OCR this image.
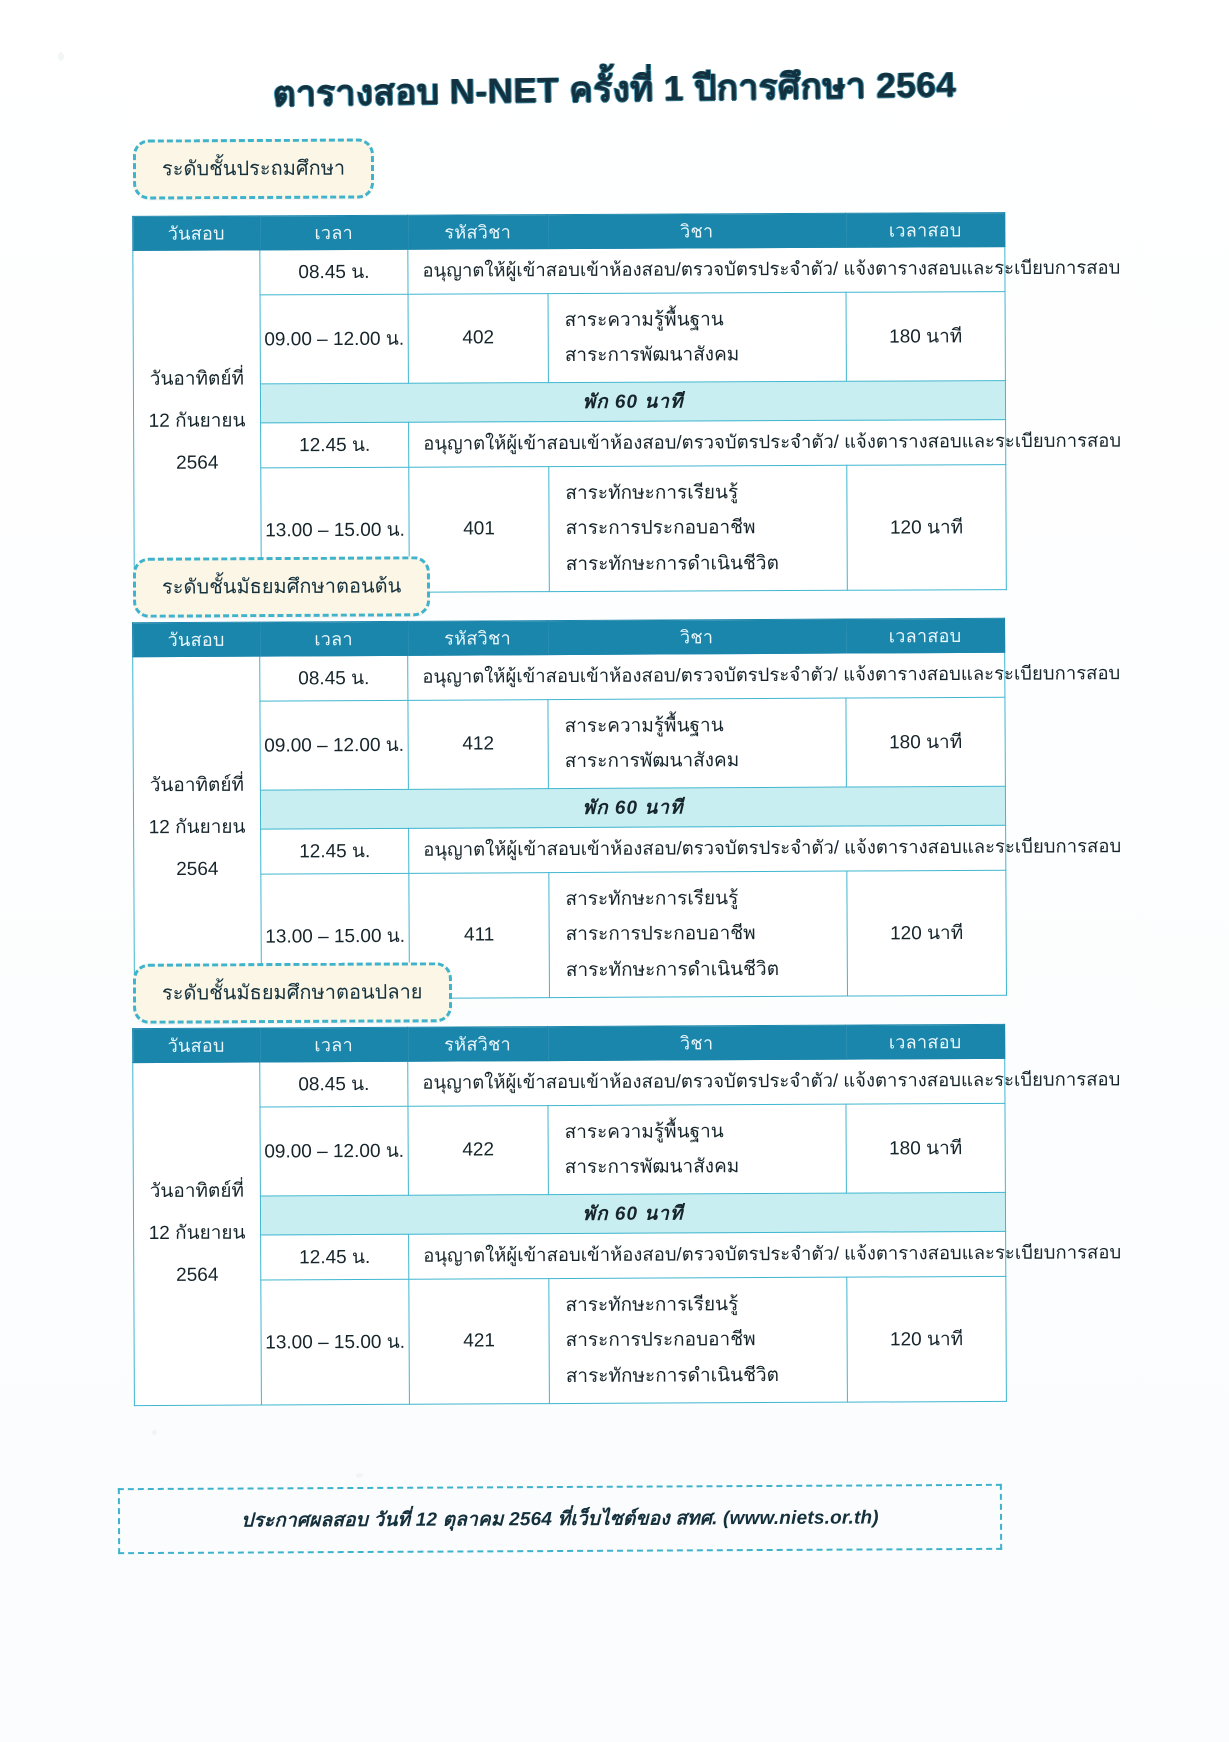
ตารางสอบ N-NET ครั้งที่ 1 ปีการศึกษา 2564
ระดับชั้นประถมศึกษา
วันสอบ	เวลา	รหัสวิชา	วิชา	เวลาสอบ

วันอาทิตย์ที่
12 กันยายน
2564	08.45 น.	อนุญาตให้ผู้เข้าสอบเข้าห้องสอบ/ตรวจบัตรประจำตัว/ แจ้งตารางสอบและระเบียบการสอบ		
	09.00 – 12.00 น.	402	สาระความรู้พื้นฐาน
สาระการพัฒนาสังคม	180 นาที
	พัก 60 นาที			
	12.45 น.	อนุญาตให้ผู้เข้าสอบเข้าห้องสอบ/ตรวจบัตรประจำตัว/ แจ้งตารางสอบและระเบียบการสอบ		
	13.00 – 15.00 น.	401	สาระทักษะการเรียนรู้
สาระการประกอบอาชีพ
สาระทักษะการดำเนินชีวิต	120 นาที
ระดับชั้นมัธยมศึกษาตอนต้น
วันสอบ	เวลา	รหัสวิชา	วิชา	เวลาสอบ

วันอาทิตย์ที่
12 กันยายน
2564	08.45 น.	อนุญาตให้ผู้เข้าสอบเข้าห้องสอบ/ตรวจบัตรประจำตัว/ แจ้งตารางสอบและระเบียบการสอบ		
	09.00 – 12.00 น.	412	สาระความรู้พื้นฐาน
สาระการพัฒนาสังคม	180 นาที
	พัก 60 นาที			
	12.45 น.	อนุญาตให้ผู้เข้าสอบเข้าห้องสอบ/ตรวจบัตรประจำตัว/ แจ้งตารางสอบและระเบียบการสอบ		
	13.00 – 15.00 น.	411	สาระทักษะการเรียนรู้
สาระการประกอบอาชีพ
สาระทักษะการดำเนินชีวิต	120 นาที
ระดับชั้นมัธยมศึกษาตอนปลาย
วันสอบ	เวลา	รหัสวิชา	วิชา	เวลาสอบ

วันอาทิตย์ที่
12 กันยายน
2564	08.45 น.	อนุญาตให้ผู้เข้าสอบเข้าห้องสอบ/ตรวจบัตรประจำตัว/ แจ้งตารางสอบและระเบียบการสอบ		
	09.00 – 12.00 น.	422	สาระความรู้พื้นฐาน
สาระการพัฒนาสังคม	180 นาที
	พัก 60 นาที			
	12.45 น.	อนุญาตให้ผู้เข้าสอบเข้าห้องสอบ/ตรวจบัตรประจำตัว/ แจ้งตารางสอบและระเบียบการสอบ		
	13.00 – 15.00 น.	421	สาระทักษะการเรียนรู้
สาระการประกอบอาชีพ
สาระทักษะการดำเนินชีวิต	120 นาที
ประกาศผลสอบ วันที่ 12 ตุลาคม 2564 ที่เว็บไซต์ของ สทศ. (www.niets.or.th)
